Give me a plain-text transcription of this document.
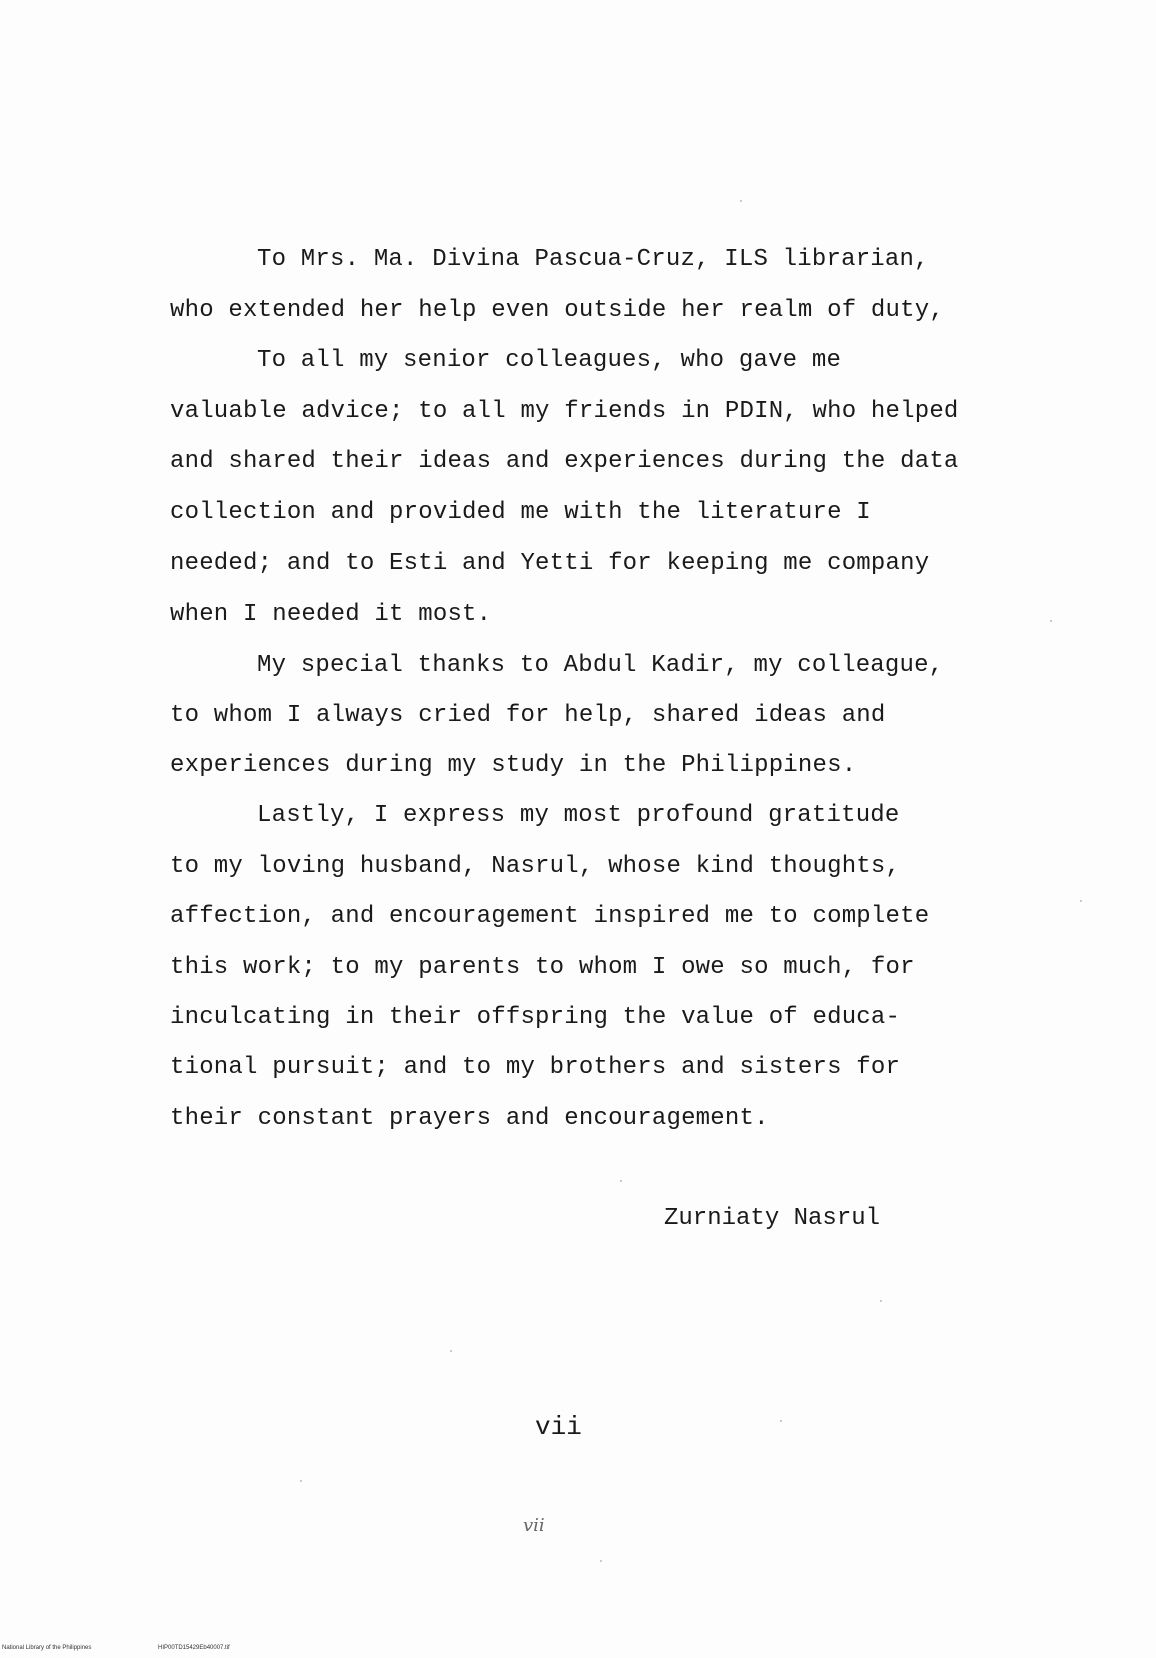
To Mrs. Ma. Divina Pascua-Cruz, ILS librarian,
who extended her help even outside her realm of duty,
To all my senior colleagues, who gave me
valuable advice; to all my friends in PDIN, who helped
and shared their ideas and experiences during the data
collection and provided me with the literature I
needed; and to Esti and Yetti for keeping me company
when I needed it most.
My special thanks to Abdul Kadir, my colleague,
to whom I always cried for help, shared ideas and
experiences during my study in the Philippines.
Lastly, I express my most profound gratitude
to my loving husband, Nasrul, whose kind thoughts,
affection, and encouragement inspired me to complete
this work; to my parents to whom I owe so much, for
inculcating in their offspring the value of educa-
tional pursuit; and to my brothers and sisters for
their constant prayers and encouragement.
Zurniaty Nasrul
vii
vii
National Library of the Philippines	HIP00TD15429Eb40007.tif
